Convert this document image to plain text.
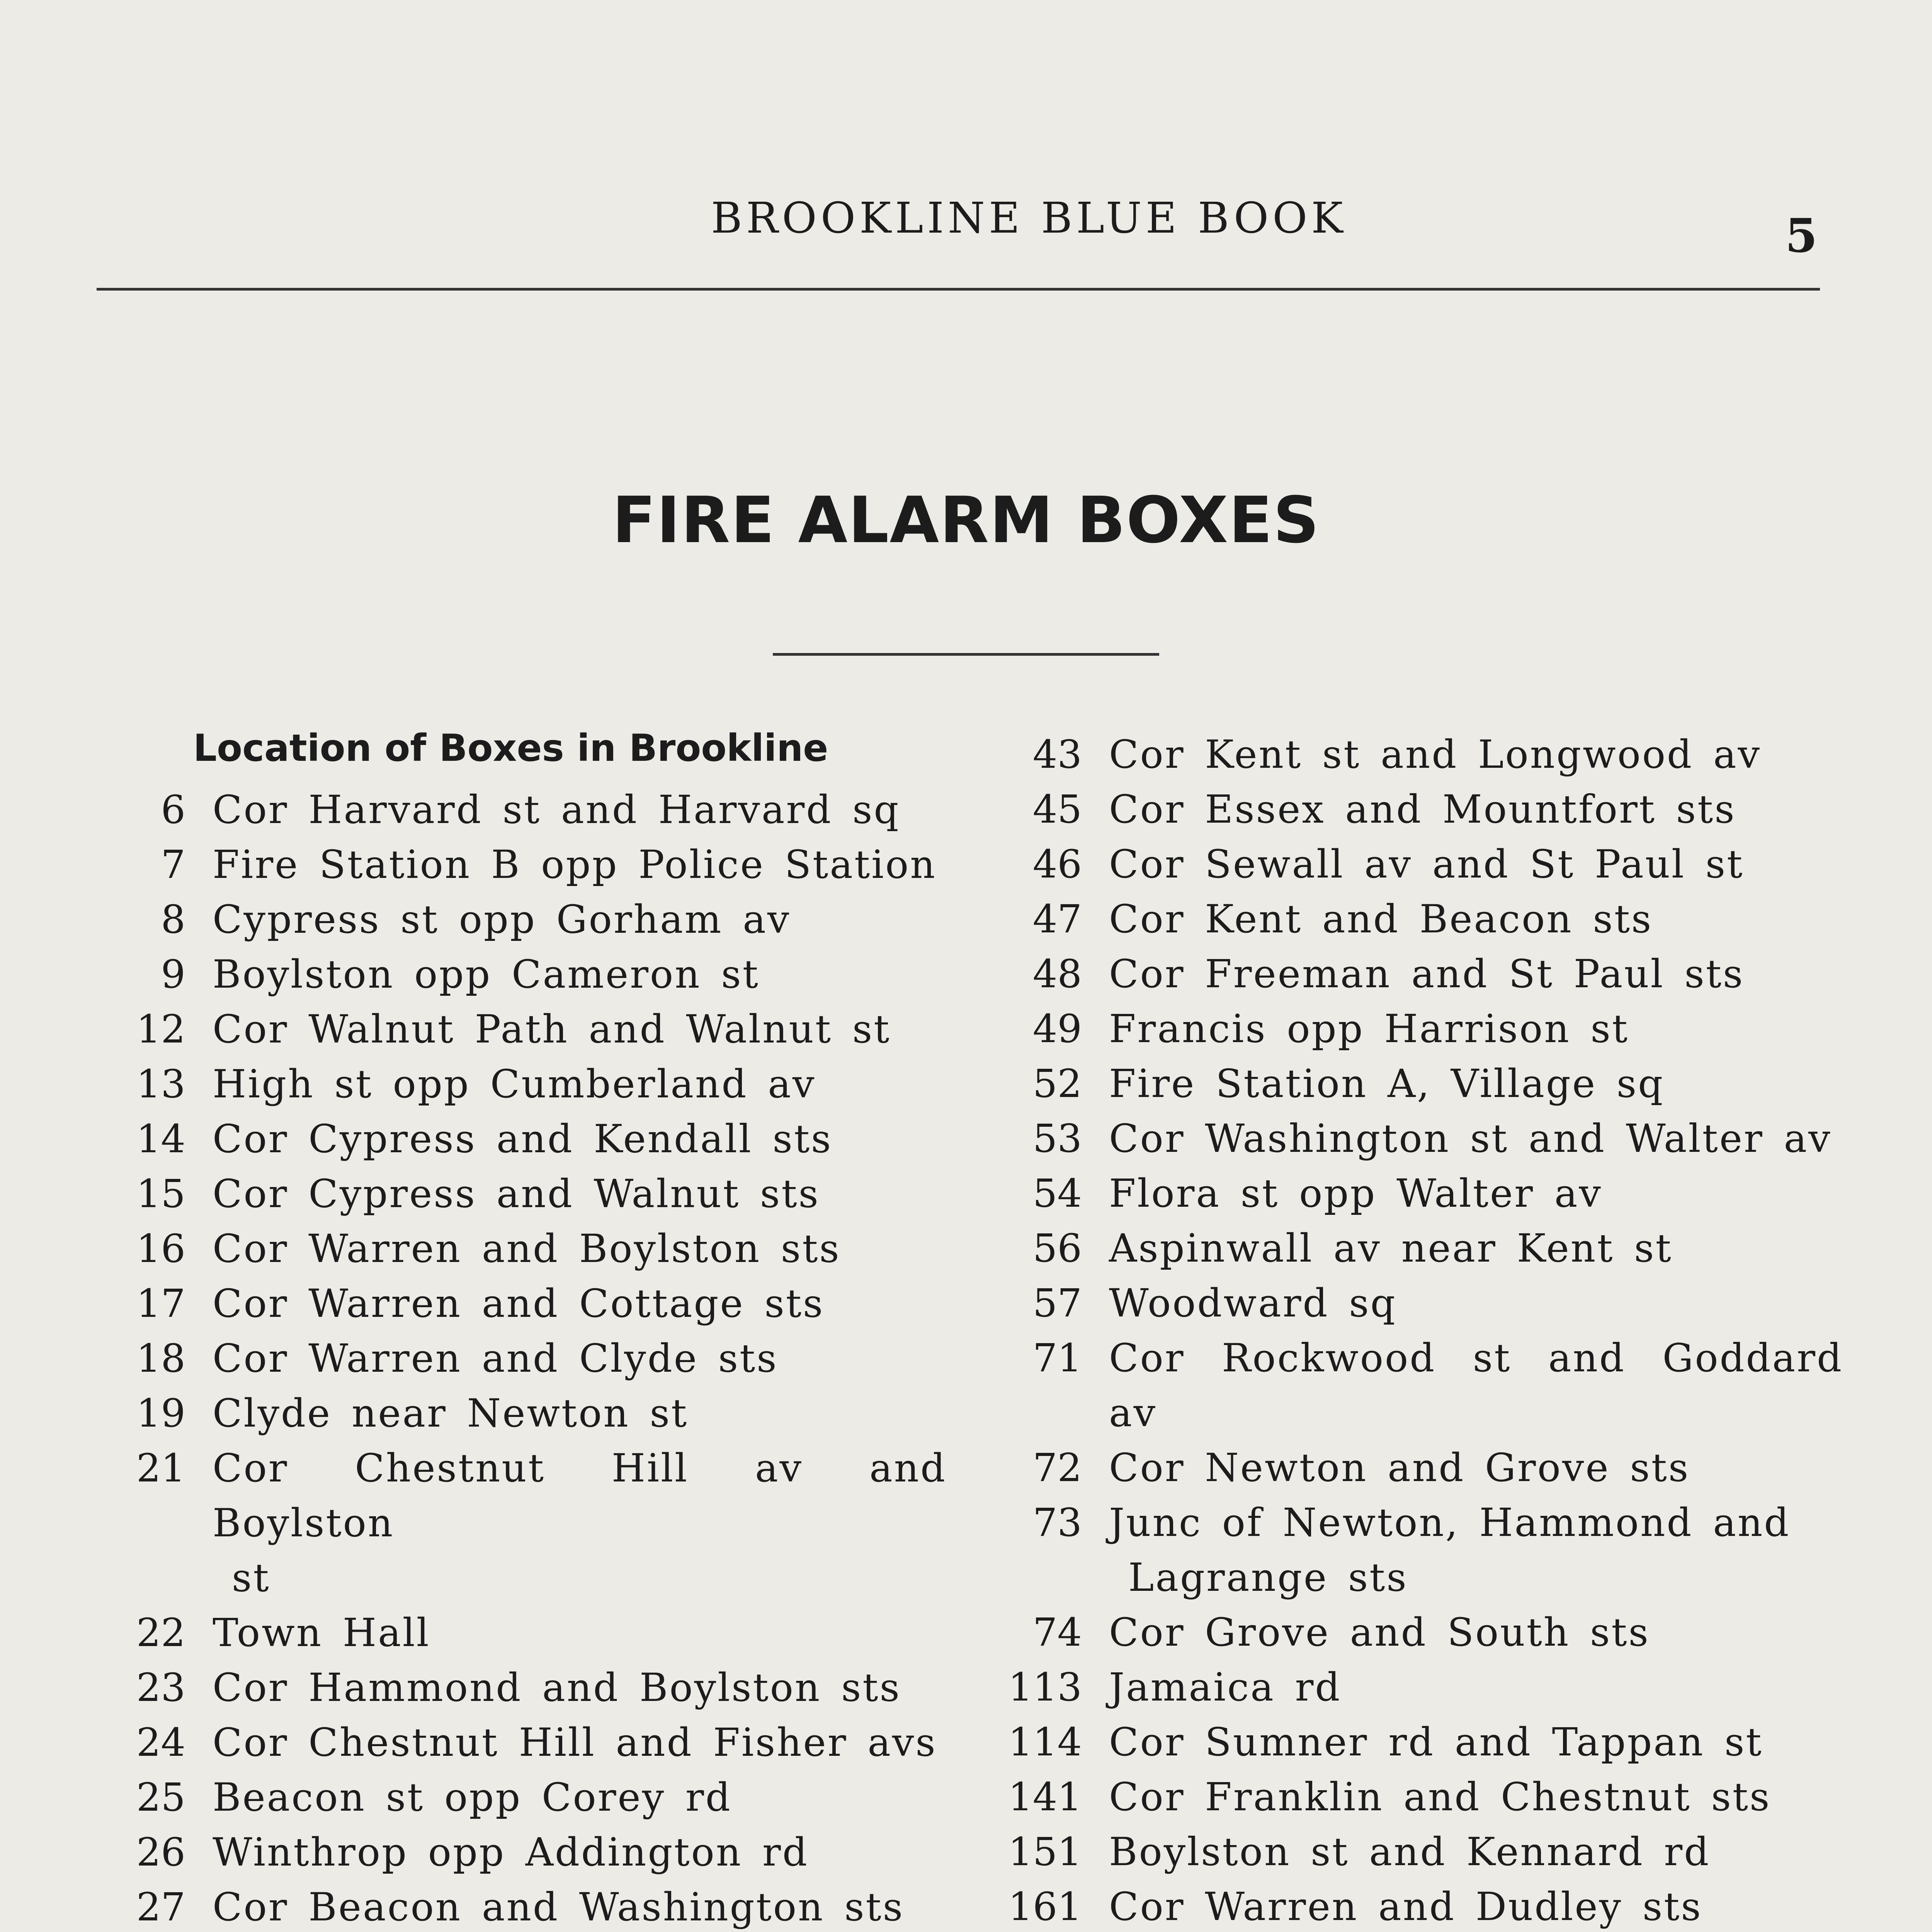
BROOKLINE BLUE BOOK	5
FIRE ALARM BOXES
Location of Boxes in Brookline
6 Cor Harvard st and Harvard sq
7 Fire Station B opp Police Station
8 Cypress st opp Gorham av
9 Boylston opp Cameron st
12 Cor Walnut Path and Walnut st
13 High st opp Cumberland av
14 Cor Cypress and Kendall sts
15 Cor Cypress and Walnut sts
16 Cor Warren and Boylston sts
17 Cor Warren and Cottage sts
18 Cor Warren and Clyde sts
19 Clyde near Newton st
21 Cor Chestnut Hill av and Boylston
st
22 Town Hall
23 Cor Hammond and Boylston sts
24 Cor Chestnut Hill and Fisher avs
25 Beacon st opp Corey rd
26 Winthrop opp Addington rd
27 Cor Beacon and Washington sts
43 Cor Kent st and Longwood av
45 Cor Essex and Mountfort sts
46 Cor Sewall av and St Paul st
47 Cor Kent and Beacon sts
48 Cor Freeman and St Paul sts
49 Francis opp Harrison st
52 Fire Station A, Village sq
53 Cor Washington st and Walter av
54 Flora st opp Walter av
56 Aspinwall av near Kent st
57 Woodward sq
71 Cor Rockwood st and Goddard av
72 Cor Newton and Grove sts
73 Junc of Newton, Hammond and
Lagrange sts
74 Cor Grove and South sts
113 Jamaica rd
114 Cor Sumner rd and Tappan st
141 Cor Franklin and Chestnut sts
151 Boylston st and Kennard rd
161 Cor Warren and Dudley sts
